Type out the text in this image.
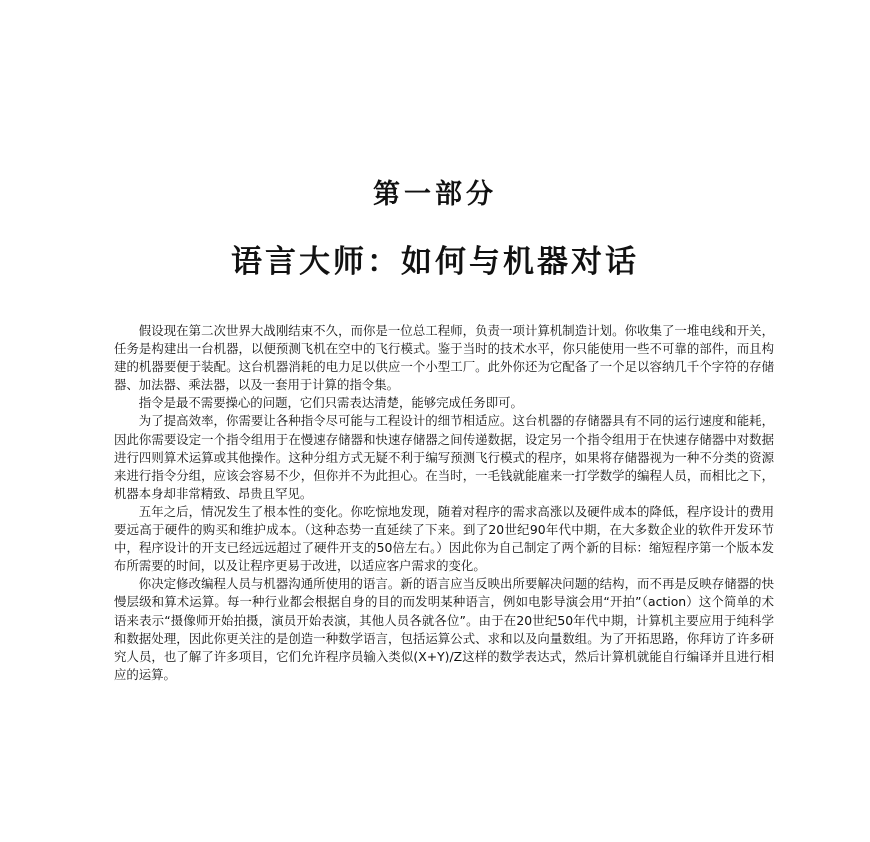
第一部分
语言大师：如何与机器对话

假设现在第二次世界大战刚结束不久，而你是一位总工程师，负责一项计算机制造计划。你收集了一堆电线和开关，任务是构建出一台机器，以便预测飞机在空中的飞行模式。鉴于当时的技术水平，你只能使用一些不可靠的部件，而且构建的机器要便于装配。这台机器消耗的电力足以供应一个小型工厂。此外你还为它配备了一个足以容纳几千个字符的存储器、加法器、乘法器，以及一套用于计算的指令集。

指令是最不需要操心的问题，它们只需表达清楚，能够完成任务即可。

为了提高效率，你需要让各种指令尽可能与工程设计的细节相适应。这台机器的存储器具有不同的运行速度和能耗，因此你需要设定一个指令组用于在慢速存储器和快速存储器之间传递数据，设定另一个指令组用于在快速存储器中对数据进行四则算术运算或其他操作。这种分组方式无疑不利于编写预测飞行模式的程序，如果将存储器视为一种不分类的资源来进行指令分组，应该会容易不少，但你并不为此担心。在当时，一毛钱就能雇来一打学数学的编程人员，而相比之下，机器本身却非常精致、昂贵且罕见。

五年之后，情况发生了根本性的变化。你吃惊地发现，随着对程序的需求高涨以及硬件成本的降低，程序设计的费用要远高于硬件的购买和维护成本。（这种态势一直延续了下来。到了20世纪90年代中期，在大多数企业的软件开发环节中，程序设计的开支已经远远超过了硬件开支的50倍左右。）因此你为自己制定了两个新的目标：缩短程序第一个版本发布所需要的时间，以及让程序更易于改进，以适应客户需求的变化。

你决定修改编程人员与机器沟通所使用的语言。新的语言应当反映出所要解决问题的结构，而不再是反映存储器的快慢层级和算术运算。每一种行业都会根据自身的目的而发明某种语言，例如电影导演会用“开拍”（action）这个简单的术语来表示“摄像师开始拍摄，演员开始表演，其他人员各就各位”。由于在20世纪50年代中期，计算机主要应用于纯科学和数据处理，因此你更关注的是创造一种数学语言，包括运算公式、求和以及向量数组。为了开拓思路，你拜访了许多研究人员，也了解了许多项目，它们允许程序员输入类似(X+Y)/Z这样的数学表达式，然后计算机就能自行编译并且进行相应的运算。
